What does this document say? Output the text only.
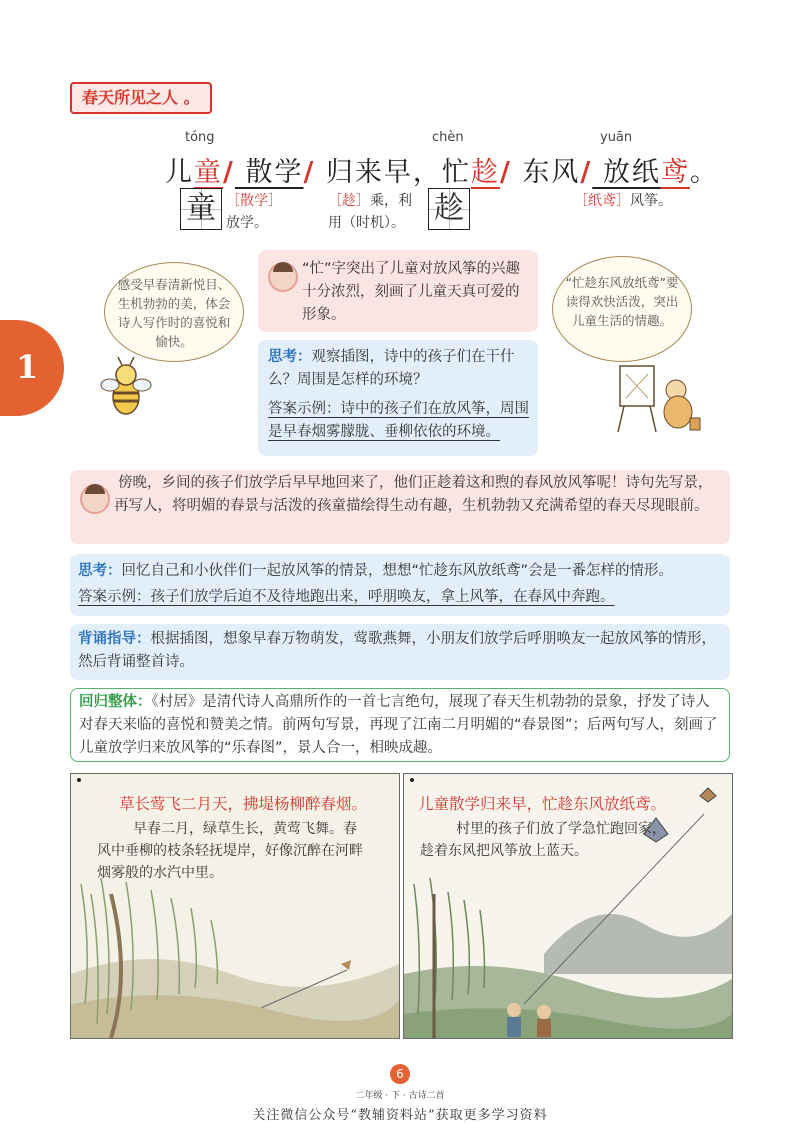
春天所见之人 。
tóng	chèn	yuān
儿童/ 散学/ 归来早，忙趁/ 东风/ 放纸鸢。
童 ［散学］
放学。
［趁］乘，利
用（时机）。 趁	［纸鸢］风筝。
1
感受早春清新悦目、生机勃勃的美，体会诗人写作时的喜悦和愉快。
“忙趁东风放纸鸢”要读得欢快活泼，突出儿童生活的情趣。
“忙”字突出了儿童对放风筝的兴趣十分浓烈，刻画了儿童天真可爱的形象。
思考：观察插图，诗中的孩子们在干什么？周围是怎样的环境？
答案示例：诗中的孩子们在放风筝，周围是早春烟雾朦胧、垂柳依依的环境。
傍晚，乡间的孩子们放学后早早地回来了，他们正趁着这和煦的春风放风筝呢！诗句先写景，再写人，将明媚的春景与活泼的孩童描绘得生动有趣，生机勃勃又充满希望的春天尽现眼前。
思考：回忆自己和小伙伴们一起放风筝的情景，想想“忙趁东风放纸鸢”会是一番怎样的情形。
答案示例：孩子们放学后迫不及待地跑出来，呼朋唤友，拿上风筝，在春风中奔跑。
背诵指导：根据插图，想象早春万物萌发，莺歌燕舞，小朋友们放学后呼朋唤友一起放风筝的情形，然后背诵整首诗。
回归整体：《村居》是清代诗人高鼎所作的一首七言绝句，展现了春天生机勃勃的景象，抒发了诗人对春天来临的喜悦和赞美之情。前两句写景，再现了江南二月明媚的“春景图”；后两句写人，刻画了儿童放学归来放风筝的“乐春图”，景人合一，相映成趣。
草长莺飞二月天，拂堤杨柳醉春烟。
早春二月，绿草生长，黄莺飞舞。春风中垂柳的枝条轻抚堤岸，好像沉醉在河畔烟雾般的水汽中里。
儿童散学归来早，忙趁东风放纸鸢。
村里的孩子们放了学急忙跑回家，趁着东风把风筝放上蓝天。
6
二年级 · 下 · 古诗二首
关注微信公众号“教辅资料站”获取更多学习资料
